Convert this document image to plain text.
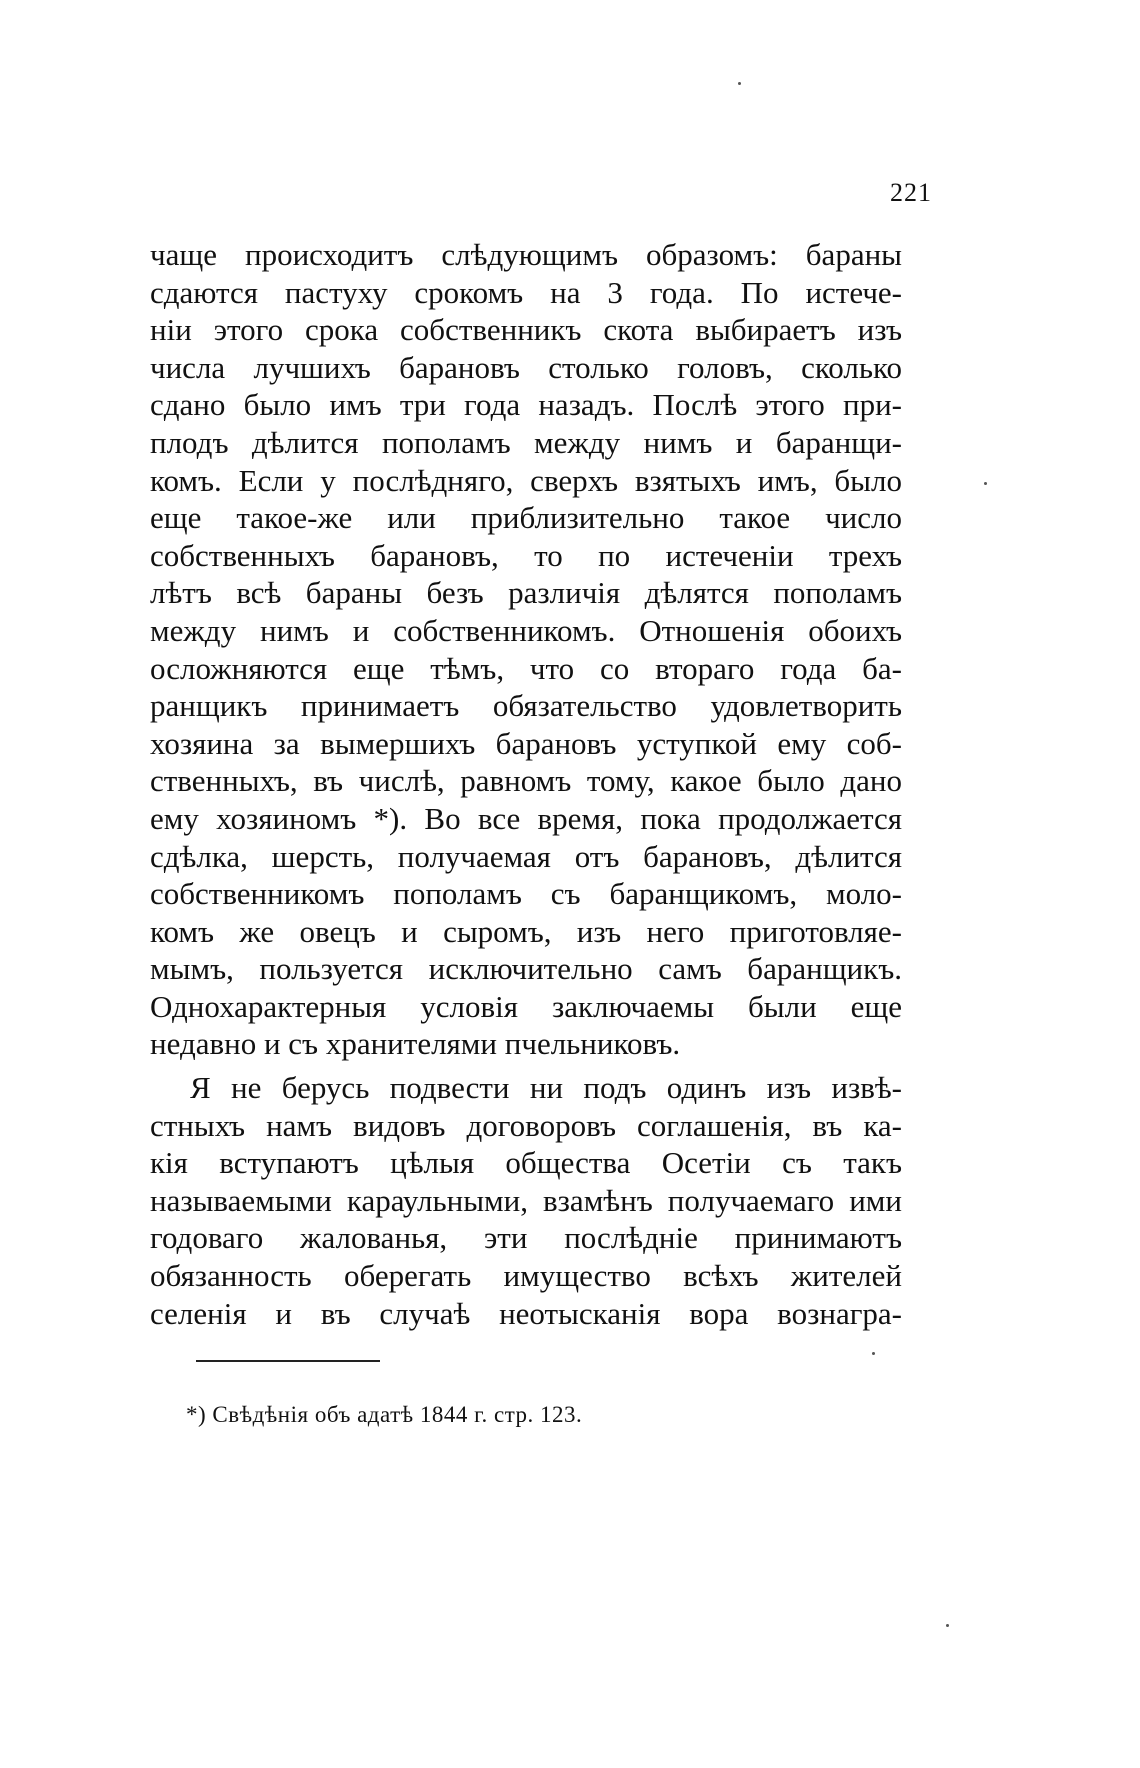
221
чаще происходитъ слѣдующимъ образомъ: бараны
сдаются пастуху срокомъ на 3 года. По истече-
нiи этого срока собственникъ скота выбираетъ изъ
числа лучшихъ барановъ столько головъ, сколько
сдано было имъ три года назадъ. Послѣ этого при-
плодъ дѣлится пополамъ между нимъ и баранщи-
комъ. Если у послѣдняго, сверхъ взятыхъ имъ, было
еще такое-же или приблизительно такое число
собственныхъ барановъ, то по истеченiи трехъ
лѣтъ всѣ бараны безъ различiя дѣлятся пополамъ
между нимъ и собственникомъ. Отношенiя обоихъ
осложняются еще тѣмъ, что со втораго года ба-
ранщикъ принимаетъ обязательство удовлетворить
хозяина за вымершихъ барановъ уступкой ему соб-
ственныхъ, въ числѣ, равномъ тому, какое было дано
ему хозяиномъ *). Во все время, пока продолжается
сдѣлка, шерсть, получаемая отъ барановъ, дѣлится
собственникомъ пополамъ съ баранщикомъ, моло-
комъ же овецъ и сыромъ, изъ него приготовляе-
мымъ, пользуется исключительно самъ баранщикъ.
Однохарактерныя условiя заключаемы были еще
недавно и съ хранителями пчельниковъ.
Я не берусь подвести ни подъ одинъ изъ извѣ-
стныхъ намъ видовъ договоровъ соглашенiя, въ ка-
кiя вступаютъ цѣлыя общества Осетiи съ такъ
называемыми караульными, взамѣнъ получаемаго ими
годоваго жалованья, эти послѣднiе принимаютъ
обязанность оберегать имущество всѣхъ жителей
селенiя и въ случаѣ неотысканiя вора вознагра-
*) Свѣдѣнiя объ адатѣ 1844 г. стр. 123.
